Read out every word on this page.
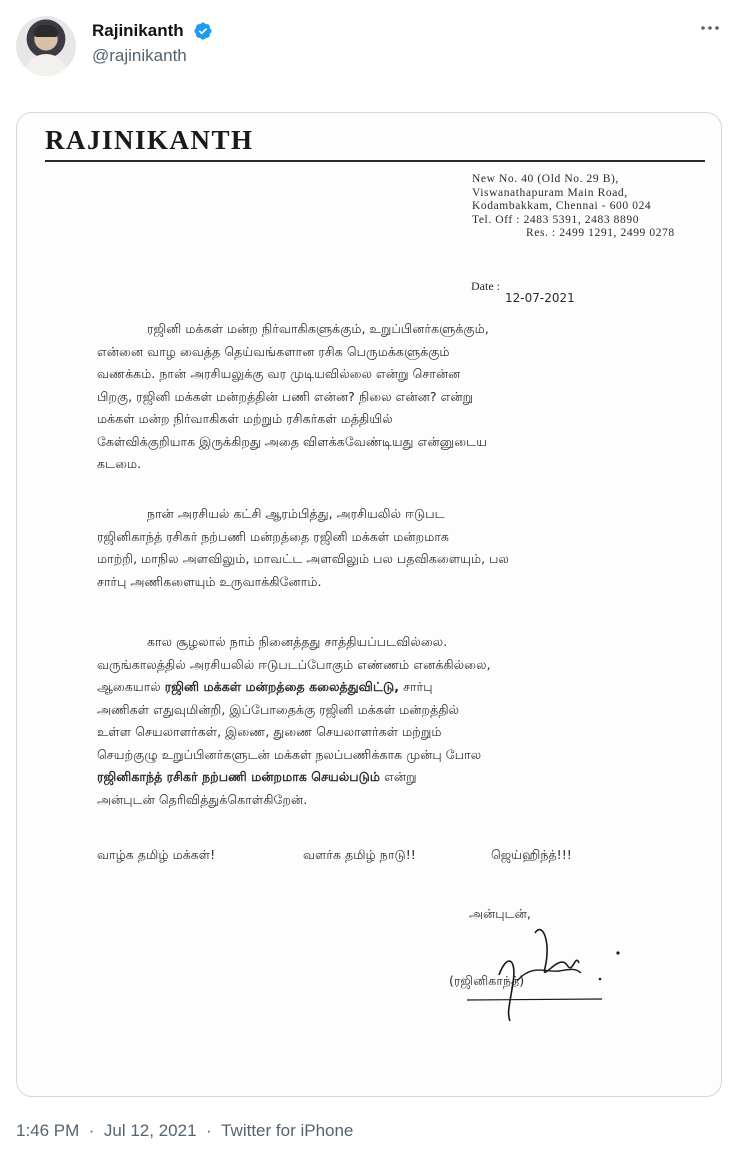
Rajinikanth
@rajinikanth
RAJINIKANTH
New No. 40 (Old No. 29 B),
Viswanathapuram Main Road,
Kodambakkam, Chennai - 600 024
Tel. Off : 2483 5391, 2483 8890
Res. : 2499 1291, 2499 0278
Date :
12-07-2021

ரஜினி மக்கள் மன்ற நிர்வாகிகளுக்கும், உறுப்பினர்களுக்கும்,

என்னை வாழ வைத்த தெய்வங்களான ரசிக பெருமக்களுக்கும்

வணக்கம். நான் அரசியலுக்கு வர முடியவில்லை என்று சொன்ன

பிறகு, ரஜினி மக்கள் மன்றத்தின் பணி என்ன? நிலை என்ன? என்று

மக்கள் மன்ற நிர்வாகிகள் மற்றும் ரசிகர்கள் மத்தியில்

கேள்விக்குறியாக இருக்கிறது அதை விளக்கவேண்டியது என்னுடைய

கடமை.

நான் அரசியல் கட்சி ஆரம்பித்து, அரசியலில் ஈடுபட

ரஜினிகாந்த் ரசிகர் நற்பணி மன்றத்தை ரஜினி மக்கள் மன்றமாக

மாற்றி, மாநில அளவிலும், மாவட்ட அளவிலும் பல பதவிகளையும், பல

சார்பு அணிகளையும் உருவாக்கினோம்.

கால சூழலால் நாம் நினைத்தது சாத்தியப்படவில்லை.

வருங்காலத்தில் அரசியலில் ஈடுபடப்போகும் எண்ணம் எனக்கில்லை,

ஆகையால் ரஜினி மக்கள் மன்றத்தை கலைத்துவிட்டு, சார்பு

அணிகள் எதுவுமின்றி, இப்போதைக்கு ரஜினி மக்கள் மன்றத்தில்

உள்ள செயலாளர்கள், இணை, துணை செயலாளர்கள் மற்றும்

செயற்குழு உறுப்பினர்களுடன் மக்கள் நலப்பணிக்காக முன்பு போல

ரஜினிகாந்த் ரசிகர் நற்பணி மன்றமாக செயல்படும் என்று

அன்புடன் தெரிவித்துக்கொள்கிறேன்.

வாழ்க தமிழ் மக்கள்!	வளர்க தமிழ் நாடு!!	ஜெய்ஹிந்த்!!!
அன்புடன்,
(ரஜினிகாந்த்)
1:46 PM  ·  Jul 12, 2021  ·  Twitter for iPhone
